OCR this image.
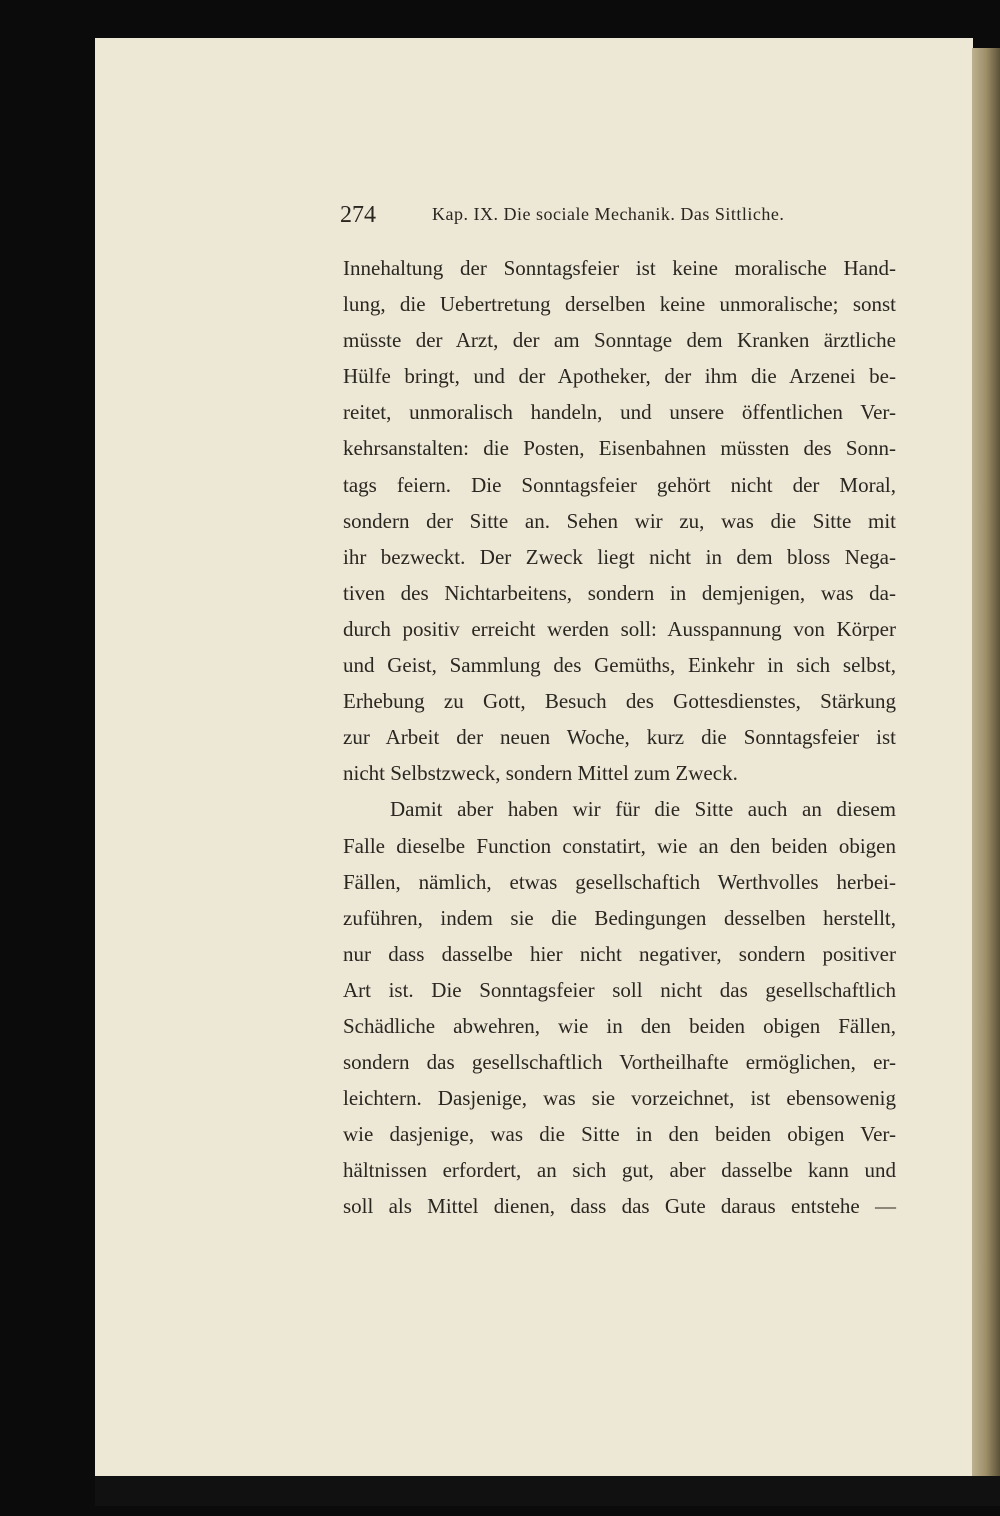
274	Kap. IX. Die sociale Mechanik. Das Sittliche.
Innehaltung der Sonntagsfeier ist keine moralische Hand-
lung, die Uebertretung derselben keine unmoralische; sonst
müsste der Arzt, der am Sonntage dem Kranken ärztliche
Hülfe bringt, und der Apotheker, der ihm die Arzenei be-
reitet, unmoralisch handeln, und unsere öffentlichen Ver-
kehrsanstalten: die Posten, Eisenbahnen müssten des Sonn-
tags feiern. Die Sonntagsfeier gehört nicht der Moral,
sondern der Sitte an. Sehen wir zu, was die Sitte mit
ihr bezweckt. Der Zweck liegt nicht in dem bloss Nega-
tiven des Nichtarbeitens, sondern in demjenigen, was da-
durch positiv erreicht werden soll: Ausspannung von Körper
und Geist, Sammlung des Gemüths, Einkehr in sich selbst,
Erhebung zu Gott, Besuch des Gottesdienstes, Stärkung
zur Arbeit der neuen Woche, kurz die Sonntagsfeier ist
nicht Selbstzweck, sondern Mittel zum Zweck.
Damit aber haben wir für die Sitte auch an diesem
Falle dieselbe Function constatirt, wie an den beiden obigen
Fällen, nämlich, etwas gesellschaftich Werthvolles herbei-
zuführen, indem sie die Bedingungen desselben herstellt,
nur dass dasselbe hier nicht negativer, sondern positiver
Art ist. Die Sonntagsfeier soll nicht das gesellschaftlich
Schädliche abwehren, wie in den beiden obigen Fällen,
sondern das gesellschaftlich Vortheilhafte ermöglichen, er-
leichtern. Dasjenige, was sie vorzeichnet, ist ebensowenig
wie dasjenige, was die Sitte in den beiden obigen Ver-
hältnissen erfordert, an sich gut, aber dasselbe kann und
soll als Mittel dienen, dass das Gute daraus entstehe —
